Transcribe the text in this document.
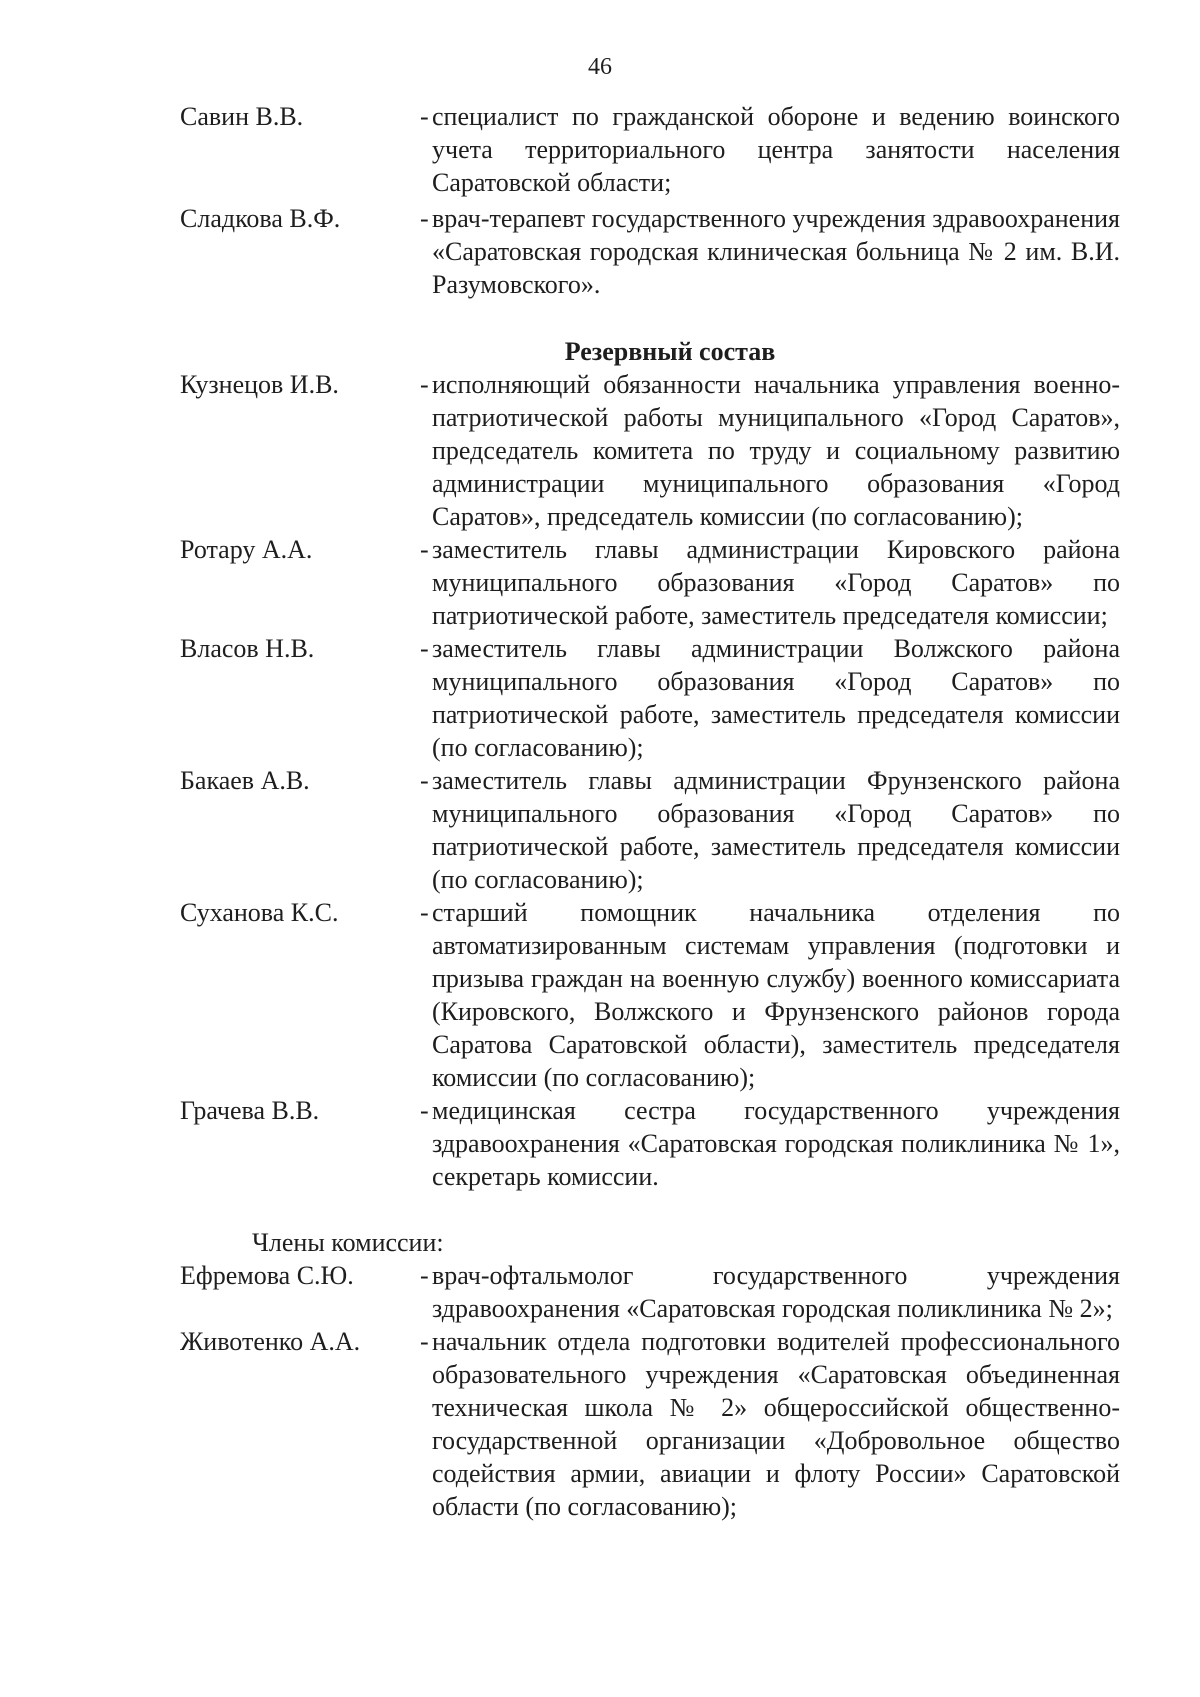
46
Савин В.В.	- специалист по гражданской обороне и ведению воинского учета территориального центра занятости населения Саратовской области;
Сладкова В.Ф.	- врач-терапевт государственного учреждения здравоохранения «Саратовская городская клиническая больница № 2 им. В.И. Разумовского».
Резервный состав
Кузнецов И.В.	- исполняющий обязанности начальника управления военно-патриотической работы муниципального «Город Саратов», председатель комитета по труду и социальному развитию администрации муниципального образования «Город Саратов», председатель комиссии (по согласованию);
Ротару А.А.	- заместитель главы администрации Кировского района муниципального образования «Город Саратов» по патриотической работе, заместитель председателя комиссии;
Власов Н.В.	- заместитель главы администрации Волжского района муниципального образования «Город Саратов» по патриотической работе, заместитель председателя комиссии (по согласованию);
Бакаев А.В.	- заместитель главы администрации Фрунзенского района муниципального образования «Город Саратов» по патриотической работе, заместитель председателя комиссии (по согласованию);
Суханова К.С.	- старший помощник начальника отделения по автоматизированным системам управления (подготовки и призыва граждан на военную службу) военного комиссариата (Кировского, Волжского и Фрунзенского районов города Саратова Саратовской области), заместитель председателя комиссии (по согласованию);
Грачева В.В.	- медицинская сестра государственного учреждения здравоохранения «Саратовская городская поликлиника № 1», секретарь комиссии.
Члены комиссии:
Ефремова С.Ю.	- врач-офтальмолог государственного учреждения здравоохранения «Саратовская городская поликлиника № 2»;
Животенко А.А.	- начальник отдела подготовки водителей профессионального образовательного учреждения «Саратовская объединенная техническая школа № 2» общероссийской общественно-государственной организации «Добровольное общество содействия армии, авиации и флоту России» Саратовской области (по согласованию);
